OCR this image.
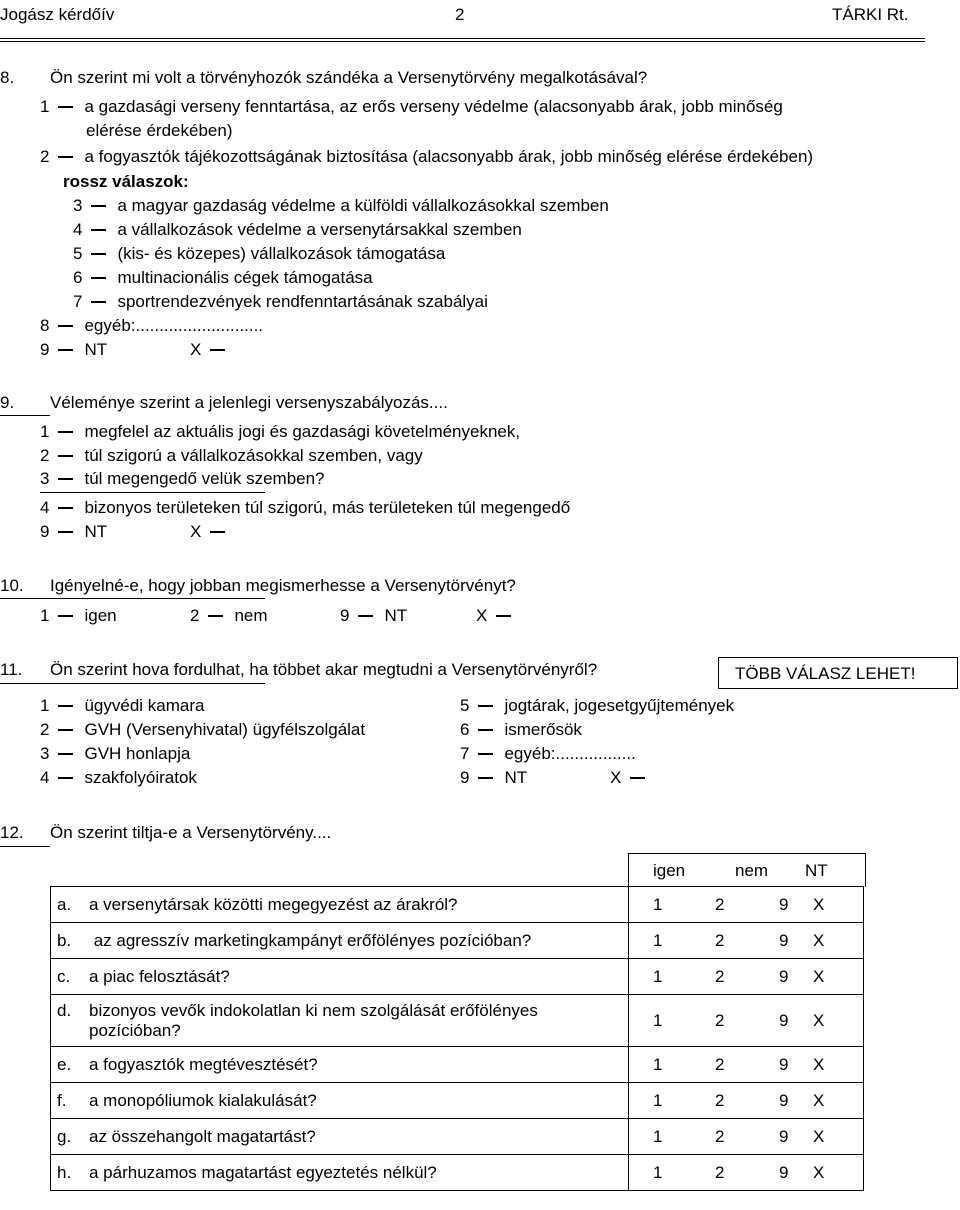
Jogász kérdőív	2	TÁRKI Rt.
8. Ön szerint mi volt a törvényhozók szándéka a Versenytörvény megalkotásával?
1 a gazdasági verseny fenntartása, az erős verseny védelme (alacsonyabb árak, jobb minőség
elérése érdekében)
2 a fogyasztók tájékozottságának biztosítása (alacsonyabb árak, jobb minőség elérése érdekében)
rossz válaszok:
3 a magyar gazdaság védelme a külföldi vállalkozásokkal szemben
4 a vállalkozások védelme a versenytársakkal szemben
5 (kis- és közepes) vállalkozások támogatása
6 multinacionális cégek támogatása
7 sportrendezvények rendfenntartásának szabályai
8 egyéb:...........................
9 NT	X
9. Véleménye szerint a jelenlegi versenyszabályozás....
1 megfelel az aktuális jogi és gazdasági követelményeknek,
2 túl szigorú a vállalkozásokkal szemben, vagy
3 túl megengedő velük szemben?
4 bizonyos területeken túl szigorú, más területeken túl megengedő
9 NT	X
10. Igényelné-e, hogy jobban megismerhesse a Versenytörvényt?
1 igen	2 nem	9 NT	X
11. Ön szerint hova fordulhat, ha többet akar megtudni a Versenytörvényről?	TÖBB VÁLASZ LEHET!
1 ügyvédi kamara
2 GVH (Versenyhivatal) ügyfélszolgálat
3 GVH honlapja
4 szakfolyóiratok
5 jogtárak, jogesetgyűjtemények
6 ismerősök
7 egyéb:.................
9 NT	X
12. Ön szerint tiltja-e a Versenytörvény....
igen	nem NT
a. a versenytársak közötti megegyezést az árakról?	1 2 9 X

b. az agresszív marketingkampányt erőfölényes pozícióban?	1 2 9 X

c. a piac felosztását?	1 2 9 X

d. bizonyos vevők indokolatlan ki nem szolgálását erőfölényes
pozícióban?	1 2 9 X

e. a fogyasztók megtévesztését?	1 2 9 X

f. a monopóliumok kialakulását?	1 2 9 X

g. az összehangolt magatartást?	1 2 9 X

h. a párhuzamos magatartást egyeztetés nélkül?	1 2 9 X
